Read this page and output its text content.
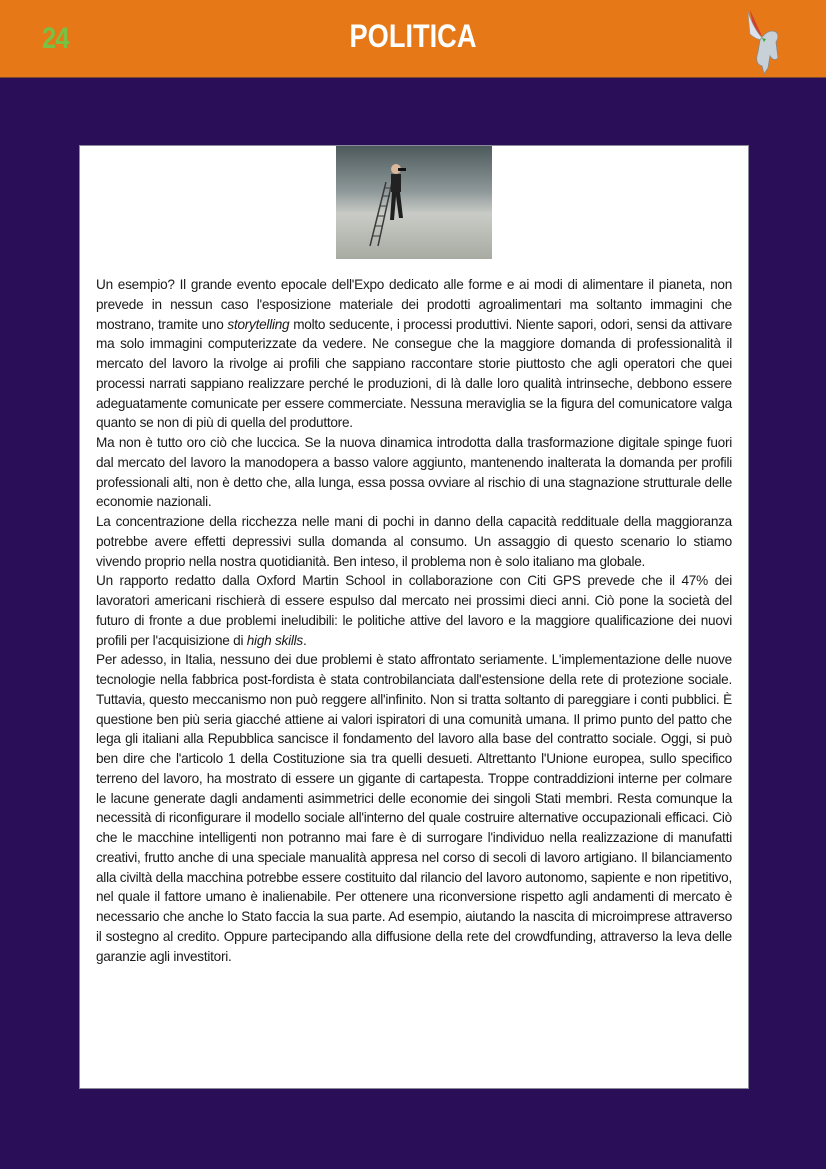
24	POLITICA

Un esempio? Il grande evento epocale dell'Expo dedicato alle forme e ai modi di alimentare il pianeta, non prevede in nessun caso l'esposizione materiale dei prodotti agroalimentari ma soltanto immagini che mostrano, tramite uno storytelling molto seducente, i processi produttivi. Niente sapori, odori, sensi da attivare ma solo immagini computerizzate da vedere. Ne consegue che la maggiore domanda di professionalità il mercato del lavoro la rivolge ai profili che sappiano raccontare storie piuttosto che agli operatori che quei processi narrati sappiano realizzare perché le produzioni, di là dalle loro qualità intrinseche, debbono essere adeguatamente comunicate per essere commerciate. Nessuna meraviglia se la figura del comunicatore valga quanto se non di più di quella del produttore.

Ma non è tutto oro ciò che luccica. Se la nuova dinamica introdotta dalla trasformazione digitale spinge fuori dal mercato del lavoro la manodopera a basso valore aggiunto, mantenendo inalterata la domanda per profili professionali alti, non è detto che, alla lunga, essa possa ovviare al rischio di una stagnazione strutturale delle economie nazionali.

La concentrazione della ricchezza nelle mani di pochi in danno della capacità reddituale della maggioranza potrebbe avere effetti depressivi sulla domanda al consumo. Un assaggio di questo scenario lo stiamo vivendo proprio nella nostra quotidianità. Ben inteso, il problema non è solo italiano ma globale.

Un rapporto redatto dalla Oxford Martin School in collaborazione con Citi GPS prevede che il 47% dei lavoratori americani rischierà di essere espulso dal mercato nei prossimi dieci anni. Ciò pone la società del futuro di fronte a due problemi ineludibili: le politiche attive del lavoro e la maggiore qualificazione dei nuovi profili per l'acquisizione di high skills.

Per adesso, in Italia, nessuno dei due problemi è stato affrontato seriamente. L'implementazione delle nuove tecnologie nella fabbrica post-fordista è stata controbilanciata dall'estensione della rete di protezione sociale. Tuttavia, questo meccanismo non può reggere all'infinito. Non si tratta soltanto di pareggiare i conti pubblici. È questione ben più seria giacché attiene ai valori ispiratori di una comunità umana. Il primo punto del patto che lega gli italiani alla Repubblica sancisce il fondamento del lavoro alla base del contratto sociale. Oggi, si può ben dire che l'articolo 1 della Costituzione sia tra quelli desueti. Altrettanto l'Unione europea, sullo specifico terreno del lavoro, ha mostrato di essere un gigante di cartapesta. Troppe contraddizioni interne per colmare le lacune generate dagli andamenti asimmetrici delle economie dei singoli Stati membri. Resta comunque la necessità di riconfigurare il modello sociale all'interno del quale costruire alternative occupazionali efficaci. Ciò che le macchine intelligenti non potranno mai fare è di surrogare l'individuo nella realizzazione di manufatti creativi, frutto anche di una speciale manualità appresa nel corso di secoli di lavoro artigiano. Il bilanciamento alla civiltà della macchina potrebbe essere costituito dal rilancio del lavoro autonomo, sapiente e non ripetitivo, nel quale il fattore umano è inalienabile. Per ottenere una riconversione rispetto agli andamenti di mercato è necessario che anche lo Stato faccia la sua parte. Ad esempio, aiutando la nascita di microimprese attraverso il sostegno al credito. Oppure partecipando alla diffusione della rete del crowdfunding, attraverso la leva delle garanzie agli investitori.
